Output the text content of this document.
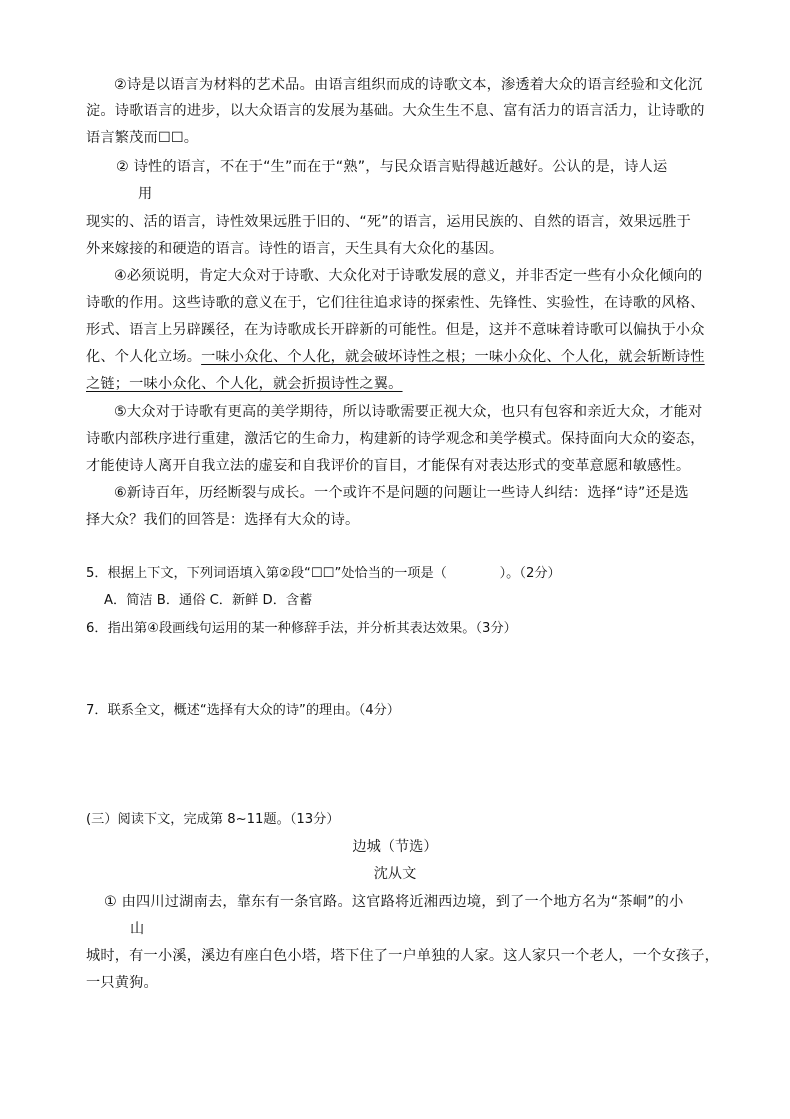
②诗是以语言为材料的艺术品。由语言组织而成的诗歌文本，渗透着大众的语言经验和文化沉
淀。诗歌语言的进步，以大众语言的发展为基础。大众生生不息、富有活力的语言活力，让诗歌的
语言繁茂而☐☐。
② 诗性的语言，不在于“生”而在于“熟”，与民众语言贴得越近越好。公认的是，诗人运
用
现实的、活的语言，诗性效果远胜于旧的、“死”的语言，运用民族的、自然的语言，效果远胜于
外来嫁接的和硬造的语言。诗性的语言，天生具有大众化的基因。
④必须说明，肯定大众对于诗歌、大众化对于诗歌发展的意义，并非否定一些有小众化倾向的
诗歌的作用。这些诗歌的意义在于，它们往往追求诗的探索性、先锋性、实验性，在诗歌的风格、
形式、语言上另辟蹊径，在为诗歌成长开辟新的可能性。但是，这并不意味着诗歌可以偏执于小众
化、个人化立场。一味小众化、个人化，就会破坏诗性之根；一味小众化、个人化，就会斩断诗性
之链；一味小众化、个人化，就会折损诗性之翼。
⑤大众对于诗歌有更高的美学期待，所以诗歌需要正视大众，也只有包容和亲近大众，才能对
诗歌内部秩序进行重建，激活它的生命力，构建新的诗学观念和美学模式。保持面向大众的姿态，
才能使诗人离开自我立法的虚妄和自我评价的盲目，才能保有对表达形式的变革意愿和敏感性。
⑥新诗百年，历经断裂与成长。一个或许不是问题的问题让一些诗人纠结：选择“诗”还是选
择大众？我们的回答是：选择有大众的诗。
5．根据上下文，下列词语填入第②段“☐☐”处恰当的一项是（　　　　）。（2分）
A．简洁 B．通俗 C．新鲜 D．含蓄
6．指出第④段画线句运用的某一种修辞手法，并分析其表达效果。（3分）
7．联系全文，概述“选择有大众的诗”的理由。（4分）
(三）阅读下文，完成第 8~11题。（13分）
边城（节选）
沈从文
① 由四川过湖南去，靠东有一条官路。这官路将近湘西边境，到了一个地方名为“茶峒”的小
山
城时，有一小溪，溪边有座白色小塔，塔下住了一户单独的人家。这人家只一个老人，一个女孩子，
一只黄狗。
